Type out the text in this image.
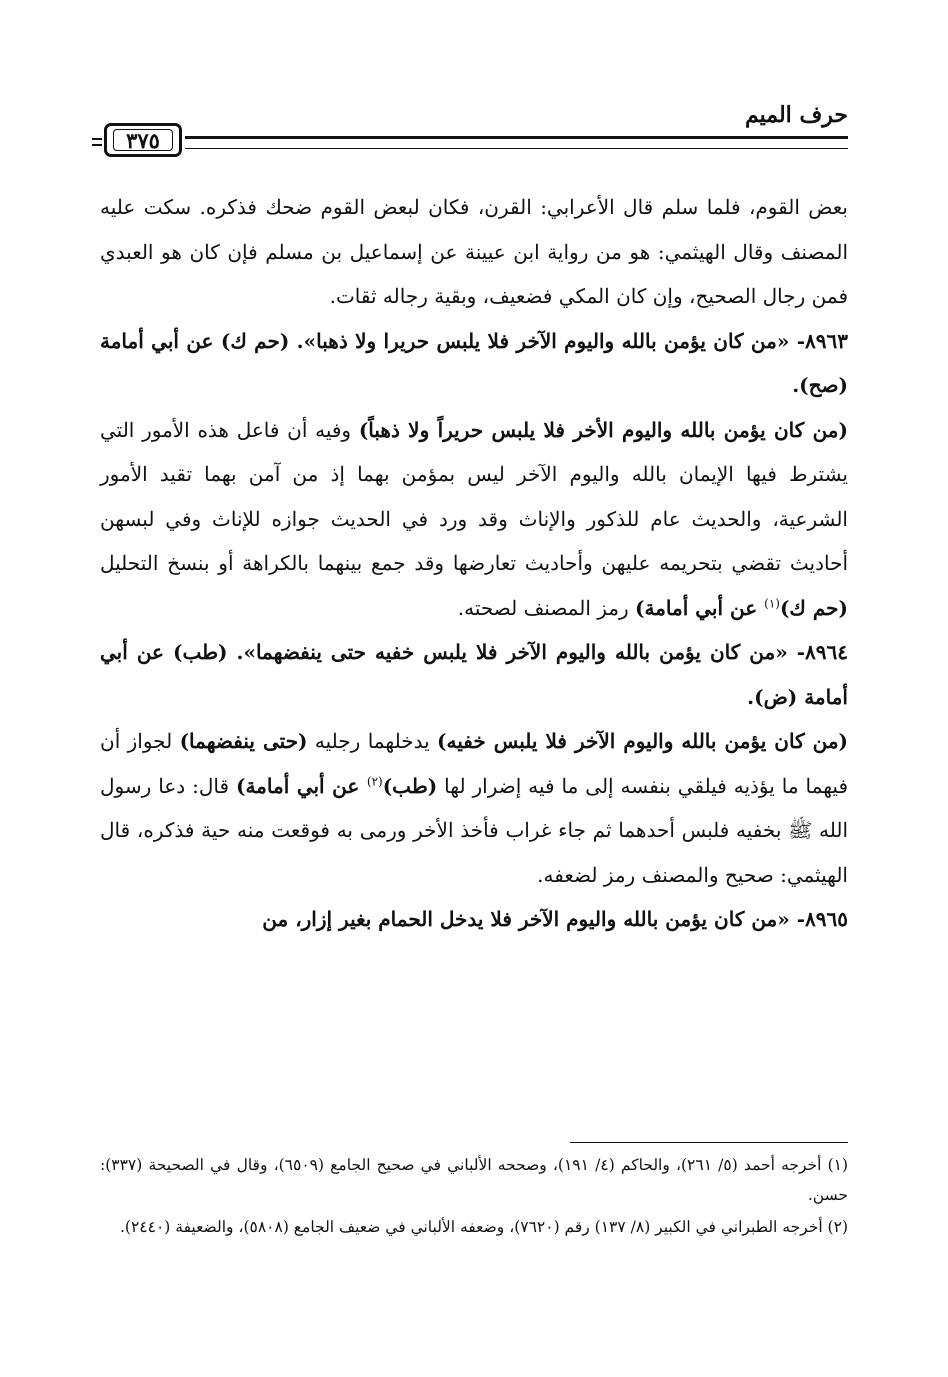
حرف الميم
٣٧٥

بعض القوم، فلما سلم قال الأعرابي: القرن، فكان لبعض القوم ضحك فذكره. سكت عليه المصنف وقال الهيثمي: هو من رواية ابن عيينة عن إسماعيل بن مسلم فإن كان هو العبدي فمن رجال الصحيح، وإن كان المكي فضعيف، وبقية رجاله ثقات.

٨٩٦٣- «من كان يؤمن بالله واليوم الآخر فلا يلبس حريرا ولا ذهبا». (حم ك) عن أبي أمامة (صح).

(من كان يؤمن بالله واليوم الأخر فلا يلبس حريراً ولا ذهباً) وفيه أن فاعل هذه الأمور التي يشترط فيها الإيمان بالله واليوم الآخر ليس بمؤمن بهما إذ من آمن بهما تقيد الأمور الشرعية، والحديث عام للذكور والإناث وقد ورد في الحديث جوازه للإناث وفي لبسهن أحاديث تقضي بتحريمه عليهن وأحاديث تعارضها وقد جمع بينهما بالكراهة أو بنسخ التحليل (حم ك)$^{(١)}$ عن أبي أمامة) رمز المصنف لصحته.

٨٩٦٤- «من كان يؤمن بالله واليوم الآخر فلا يلبس خفيه حتى ينفضهما». (طب) عن أبي أمامة (ض).

(من كان يؤمن بالله واليوم الآخر فلا يلبس خفيه) يدخلهما رجليه (حتى ينفضهما) لجواز أن فيهما ما يؤذيه فيلقي بنفسه إلى ما فيه إضرار لها (طب)$^{(٢)}$ عن أبي أمامة) قال: دعا رسول الله ﷺ بخفيه فلبس أحدهما ثم جاء غراب فأخذ الأخر ورمى به فوقعت منه حية فذكره، قال الهيثمي: صحيح والمصنف رمز لضعفه.

٨٩٦٥- «من كان يؤمن بالله واليوم الآخر فلا يدخل الحمام بغير إزار، من

(١) أخرجه أحمد (٥/ ٢٦١)، والحاكم (٤/ ١٩١)، وصححه الألباني في صحيح الجامع (٦٥٠٩)، وقال في الصحيحة (٣٣٧): حسن.

(٢) أخرجه الطبراني في الكبير (٨/ ١٣٧) رقم (٧٦٢٠)، وضعفه الألباني في ضعيف الجامع (٥٨٠٨)، والضعيفة (٢٤٤٠).
